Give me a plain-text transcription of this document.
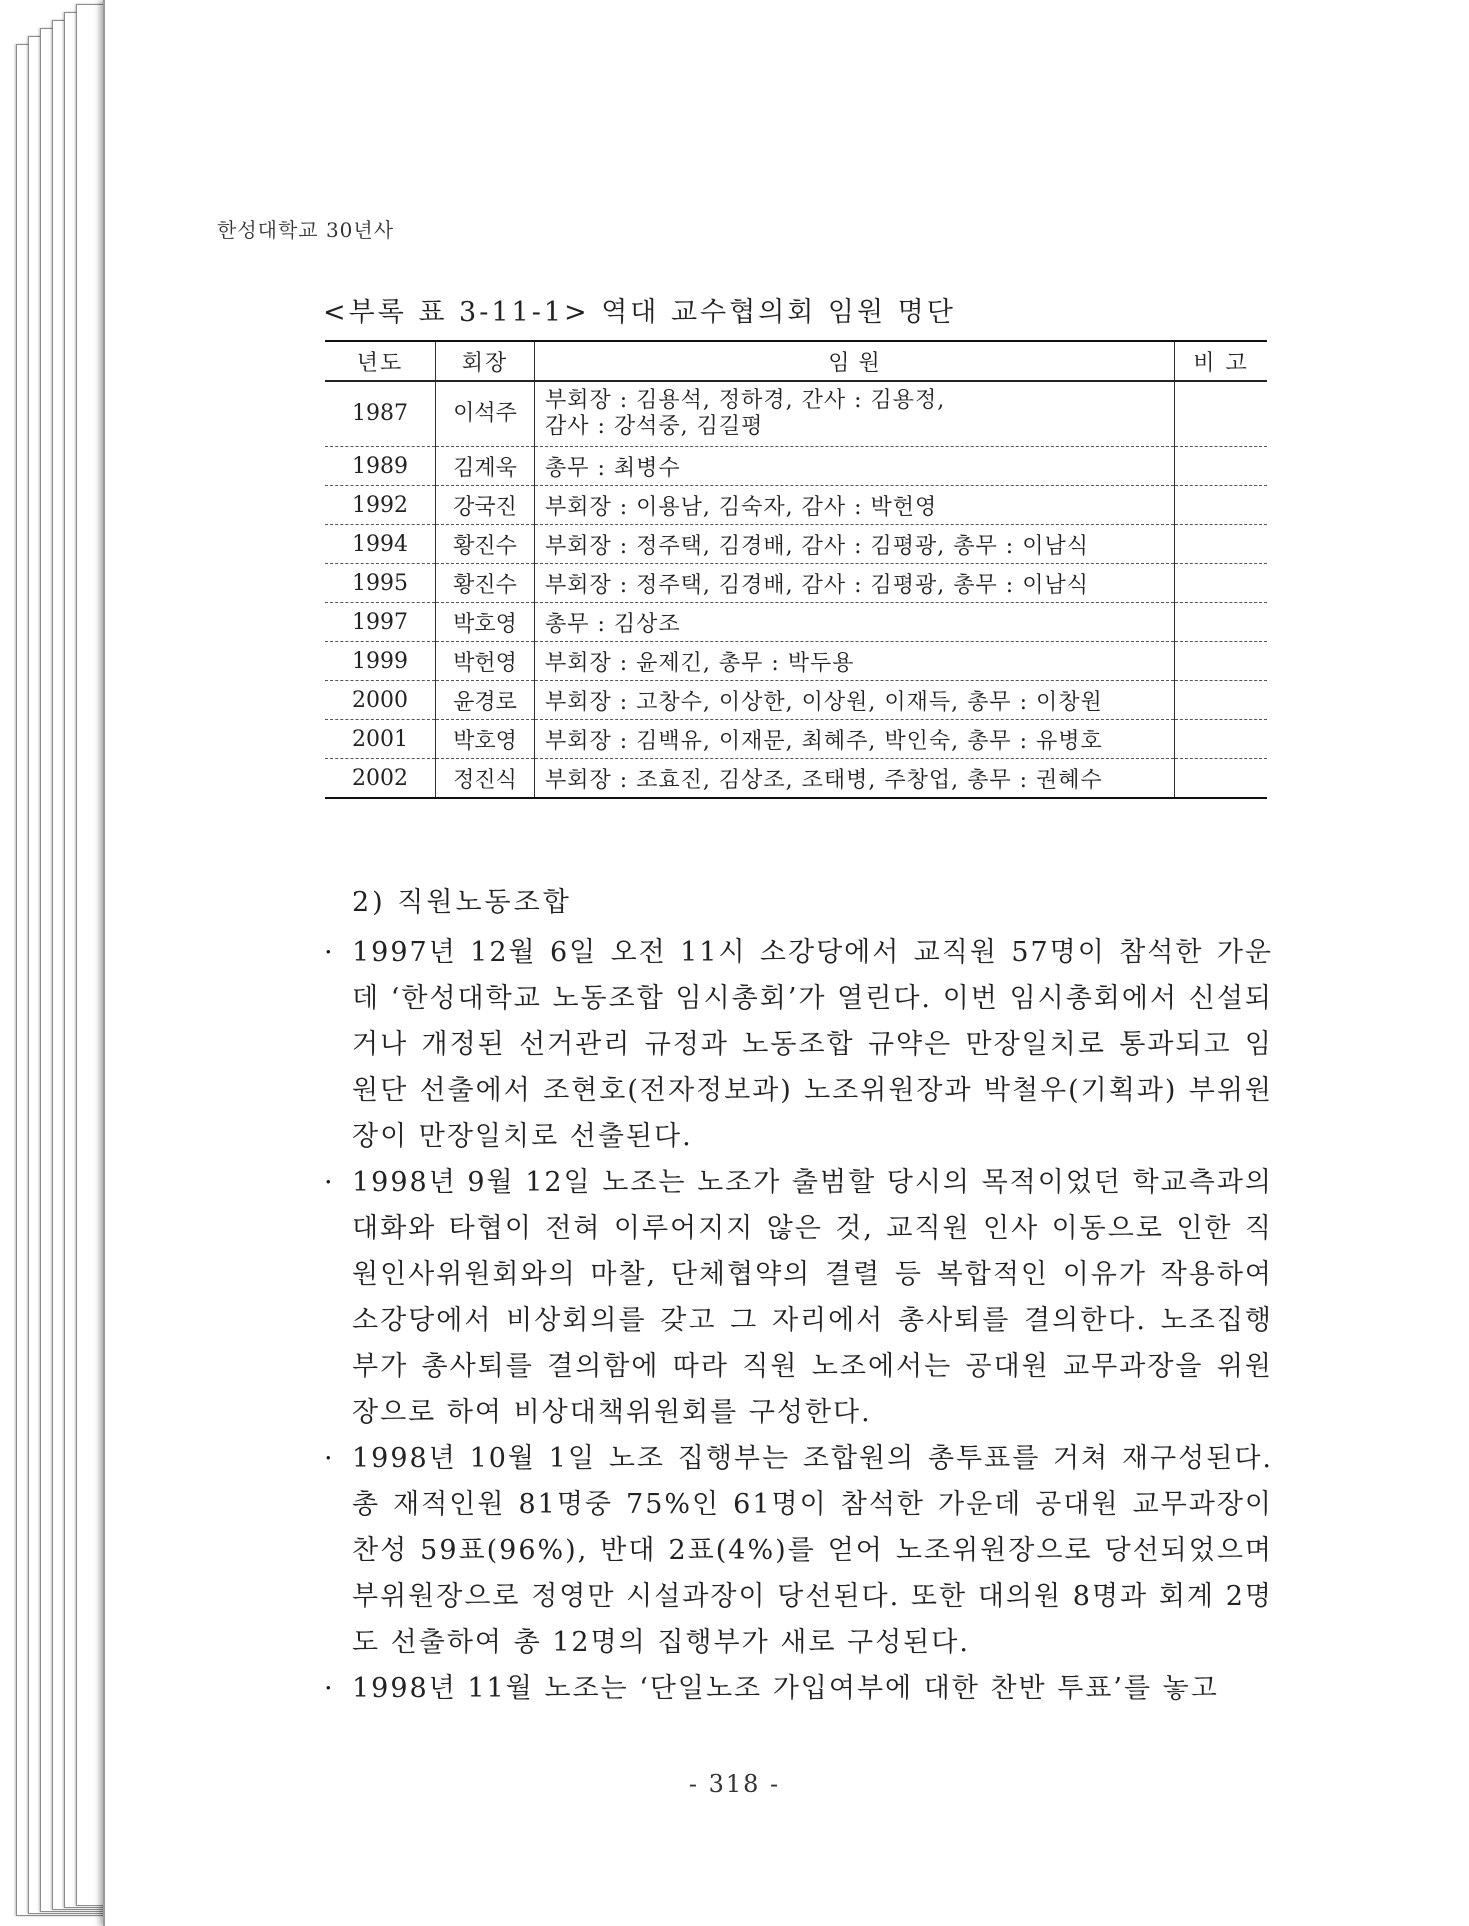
한성대학교 30년사
<부록 표 3-11-1> 역대 교수협의회 임원 명단
년도	회장	임 원	비 고
1987	이석주	부회장 : 김용석, 정하경, 간사 : 김용정,
감사 : 강석중, 김길평	

1989	김계욱	총무 : 최병수	
1992	강국진	부회장 : 이용남, 김숙자, 감사 : 박헌영	
1994	황진수	부회장 : 정주택, 김경배, 감사 : 김평광, 총무 : 이남식	
1995	황진수	부회장 : 정주택, 김경배, 감사 : 김평광, 총무 : 이남식	
1997	박호영	총무 : 김상조	
1999	박헌영	부회장 : 윤제긴, 총무 : 박두용	
2000	윤경로	부회장 : 고창수, 이상한, 이상원, 이재득, 총무 : 이창원	
2001	박호영	부회장 : 김백유, 이재문, 최혜주, 박인숙, 총무 : 유병호	
2002	정진식	부회장 : 조효진, 김상조, 조태병, 주창업, 총무 : 권혜수	
2) 직원노동조합
· 1997년 12월 6일 오전 11시 소강당에서 교직원 57명이 참석한 가운데 ‘한성대학교 노동조합 임시총회’가 열린다. 이번 임시총회에서 신설되거나 개정된 선거관리 규정과 노동조합 규약은 만장일치로 통과되고 임원단 선출에서 조현호(전자정보과) 노조위원장과 박철우(기획과) 부위원장이 만장일치로 선출된다.
· 1998년 9월 12일 노조는 노조가 출범할 당시의 목적이었던 학교측과의 대화와 타협이 전혀 이루어지지 않은 것, 교직원 인사 이동으로 인한 직원인사위원회와의 마찰, 단체협약의 결렬 등 복합적인 이유가 작용하여 소강당에서 비상회의를 갖고 그 자리에서 총사퇴를 결의한다. 노조집행부가 총사퇴를 결의함에 따라 직원 노조에서는 공대원 교무과장을 위원장으로 하여 비상대책위원회를 구성한다.
· 1998년 10월 1일 노조 집행부는 조합원의 총투표를 거쳐 재구성된다. 총 재적인원 81명중 75%인 61명이 참석한 가운데 공대원 교무과장이 찬성 59표(96%), 반대 2표(4%)를 얻어 노조위원장으로 당선되었으며 부위원장으로 정영만 시설과장이 당선된다. 또한 대의원 8명과 회계 2명도 선출하여 총 12명의 집행부가 새로 구성된다.
· 1998년 11월 노조는 ‘단일노조 가입여부에 대한 찬반 투표’를 놓고
- 318 -
